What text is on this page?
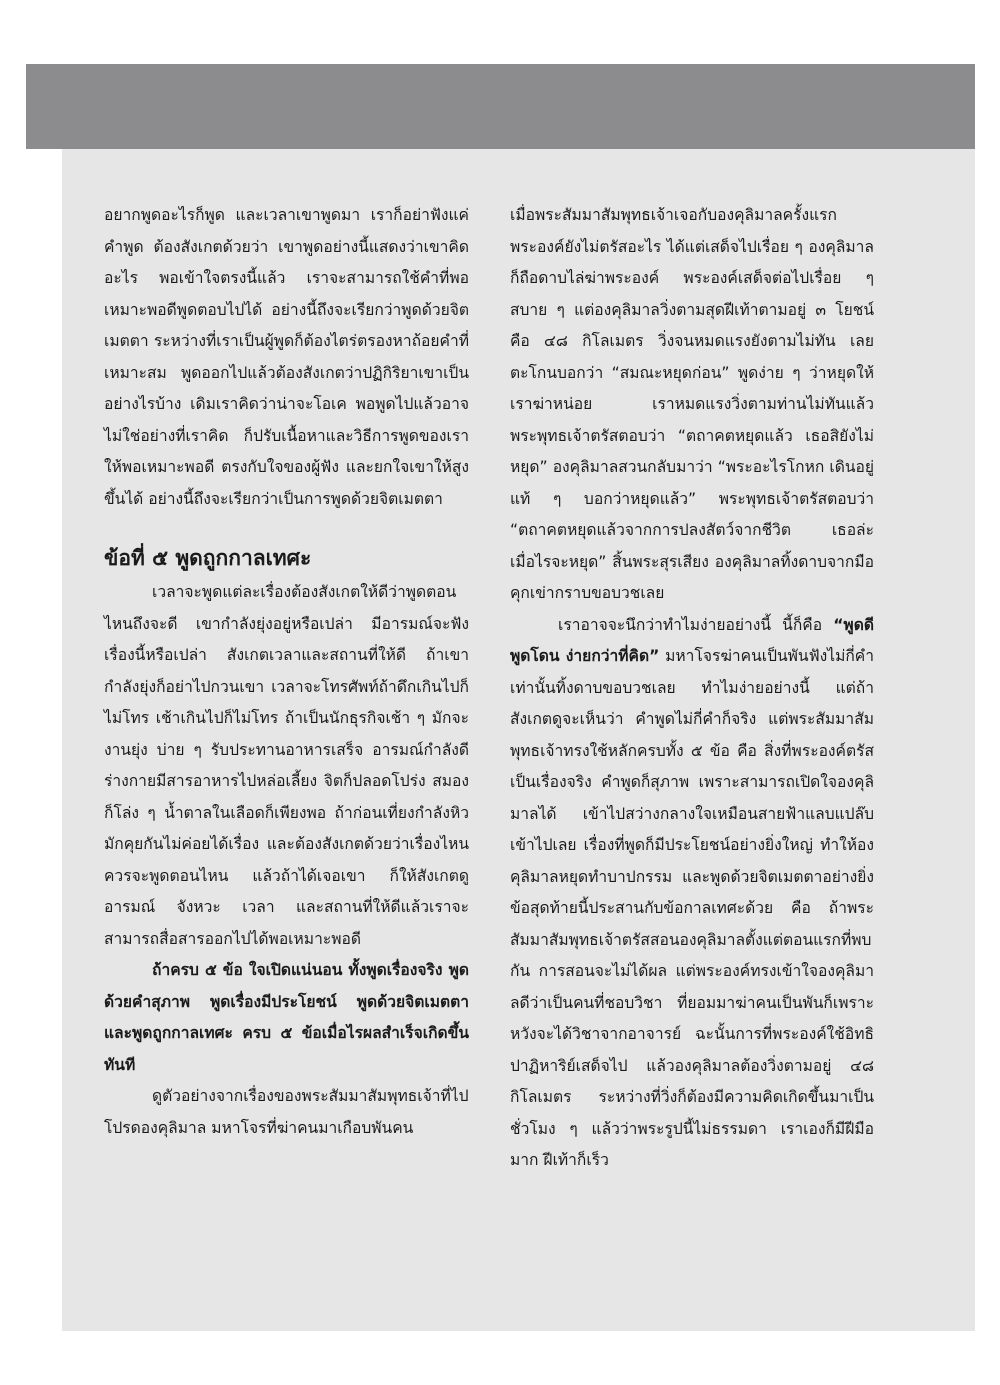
อยากพูดอะไรก็พูด และเวลาเขาพูดมา เราก็อย่าฟังแค่คำพูด ต้องสังเกตด้วยว่า เขาพูดอย่างนี้แสดงว่าเขาคิดอะไร พอเข้าใจตรงนี้แล้ว เราจะสามารถใช้คำที่พอเหมาะพอดีพูดตอบไปได้ อย่างนี้ถึงจะเรียกว่าพูดด้วยจิตเมตตา ระหว่างที่เราเป็นผู้พูดก็ต้องไตร่ตรองหาถ้อยคำที่เหมาะสม พูดออกไปแล้วต้องสังเกตว่าปฏิกิริยาเขาเป็นอย่างไรบ้าง เดิมเราคิดว่าน่าจะโอเค พอพูดไปแล้วอาจไม่ใช่อย่างที่เราคิด ก็ปรับเนื้อหาและวิธีการพูดของเราให้พอเหมาะพอดี ตรงกับใจของผู้ฟัง และยกใจเขาให้สูงขึ้นได้ อย่างนี้ถึงจะเรียกว่าเป็นการพูดด้วยจิตเมตตา

ข้อที่ ๕ พูดถูกกาลเทศะ

เวลาจะพูดแต่ละเรื่องต้องสังเกตให้ดีว่าพูดตอนไหนถึงจะดี เขากำลังยุ่งอยู่หรือเปล่า มีอารมณ์จะฟังเรื่องนี้หรือเปล่า สังเกตเวลาและสถานที่ให้ดี ถ้าเขากำลังยุ่งก็อย่าไปกวนเขา เวลาจะโทรศัพท์ถ้าดึกเกินไปก็ไม่โทร เช้าเกินไปก็ไม่โทร ถ้าเป็นนักธุรกิจเช้า ๆ มักจะงานยุ่ง บ่าย ๆ รับประทานอาหารเสร็จ อารมณ์กำลังดี ร่างกายมีสารอาหารไปหล่อเลี้ยง จิตก็ปลอดโปร่ง สมองก็โล่ง ๆ น้ำตาลในเลือดก็เพียงพอ ถ้าก่อนเที่ยงกำลังหิวมักคุยกันไม่ค่อยได้เรื่อง และต้องสังเกตด้วยว่าเรื่องไหนควรจะพูดตอนไหน แล้วถ้าได้เจอเขา ก็ให้สังเกตดูอารมณ์ จังหวะ เวลา และสถานที่ให้ดีแล้วเราจะสามารถสื่อสารออกไปได้พอเหมาะพอดี

ถ้าครบ ๕ ข้อ ใจเปิดแน่นอน ทั้งพูดเรื่องจริง พูดด้วยคำสุภาพ พูดเรื่องมีประโยชน์ พูดด้วยจิตเมตตา และพูดถูกกาลเทศะ ครบ ๕ ข้อเมื่อไรผลสำเร็จเกิดขึ้นทันที

ดูตัวอย่างจากเรื่องของพระสัมมาสัมพุทธเจ้าที่ไปโปรดองคุลิมาล มหาโจรที่ฆ่าคนมาเกือบพันคน

เมื่อพระสัมมาสัมพุทธเจ้าเจอกับองคุลิมาลครั้งแรก พระองค์ยังไม่ตรัสอะไร ได้แต่เสด็จไปเรื่อย ๆ องคุลิมาลก็ถือดาบไล่ฆ่าพระองค์ พระองค์เสด็จต่อไปเรื่อย ๆ สบาย ๆ แต่องคุลิมาลวิ่งตามสุดฝีเท้าตามอยู่ ๓ โยชน์ คือ ๔๘ กิโลเมตร วิ่งจนหมดแรงยังตามไม่ทัน เลยตะโกนบอกว่า “สมณะหยุดก่อน” พูดง่าย ๆ ว่าหยุดให้เราฆ่าหน่อย เราหมดแรงวิ่งตามท่านไม่ทันแล้ว พระพุทธเจ้าตรัสตอบว่า “ตถาคตหยุดแล้ว เธอสิยังไม่หยุด” องคุลิมาลสวนกลับมาว่า “พระอะไรโกหก เดินอยู่แท้ ๆ บอกว่าหยุดแล้ว” พระพุทธเจ้าตรัสตอบว่า “ตถาคตหยุดแล้วจากการปลงสัตว์จากชีวิต เธอล่ะเมื่อไรจะหยุด” สิ้นพระสุรเสียง องคุลิมาลทิ้งดาบจากมือ คุกเข่ากราบขอบวชเลย

เราอาจจะนึกว่าทำไมง่ายอย่างนี้ นี้ก็คือ “พูดดี พูดโดน ง่ายกว่าที่คิด” มหาโจรฆ่าคนเป็นพันฟังไม่กี่คำเท่านั้นทิ้งดาบขอบวชเลย ทำไมง่ายอย่างนี้ แต่ถ้าสังเกตดูจะเห็นว่า คำพูดไม่กี่คำก็จริง แต่พระสัมมาสัมพุทธเจ้าทรงใช้หลักครบทั้ง ๕ ข้อ คือ สิ่งที่พระองค์ตรัสเป็นเรื่องจริง คำพูดก็สุภาพ เพราะสามารถเปิดใจองคุลิมาลได้ เข้าไปสว่างกลางใจเหมือนสายฟ้าแลบแปล๊บเข้าไปเลย เรื่องที่พูดก็มีประโยชน์อย่างยิ่งใหญ่ ทำให้องคุลิมาลหยุดทำบาปกรรม และพูดด้วยจิตเมตตาอย่างยิ่ง ข้อสุดท้ายนี้ประสานกับข้อกาลเทศะด้วย คือ ถ้าพระสัมมาสัมพุทธเจ้าตรัสสอนองคุลิมาลตั้งแต่ตอนแรกที่พบกัน การสอนจะไม่ได้ผล แต่พระองค์ทรงเข้าใจองคุลิมาลดีว่าเป็นคนที่ชอบวิชา ที่ยอมมาฆ่าคนเป็นพันก็เพราะหวังจะได้วิชาจากอาจารย์ ฉะนั้นการที่พระองค์ใช้อิทธิปาฏิหาริย์เสด็จไป แล้วองคุลิมาลต้องวิ่งตามอยู่ ๔๘ กิโลเมตร ระหว่างที่วิ่งก็ต้องมีความคิดเกิดขึ้นมาเป็นชั่วโมง ๆ แล้วว่าพระรูปนี้ไม่ธรรมดา เราเองก็มีฝีมือมาก ฝีเท้าก็เร็ว
